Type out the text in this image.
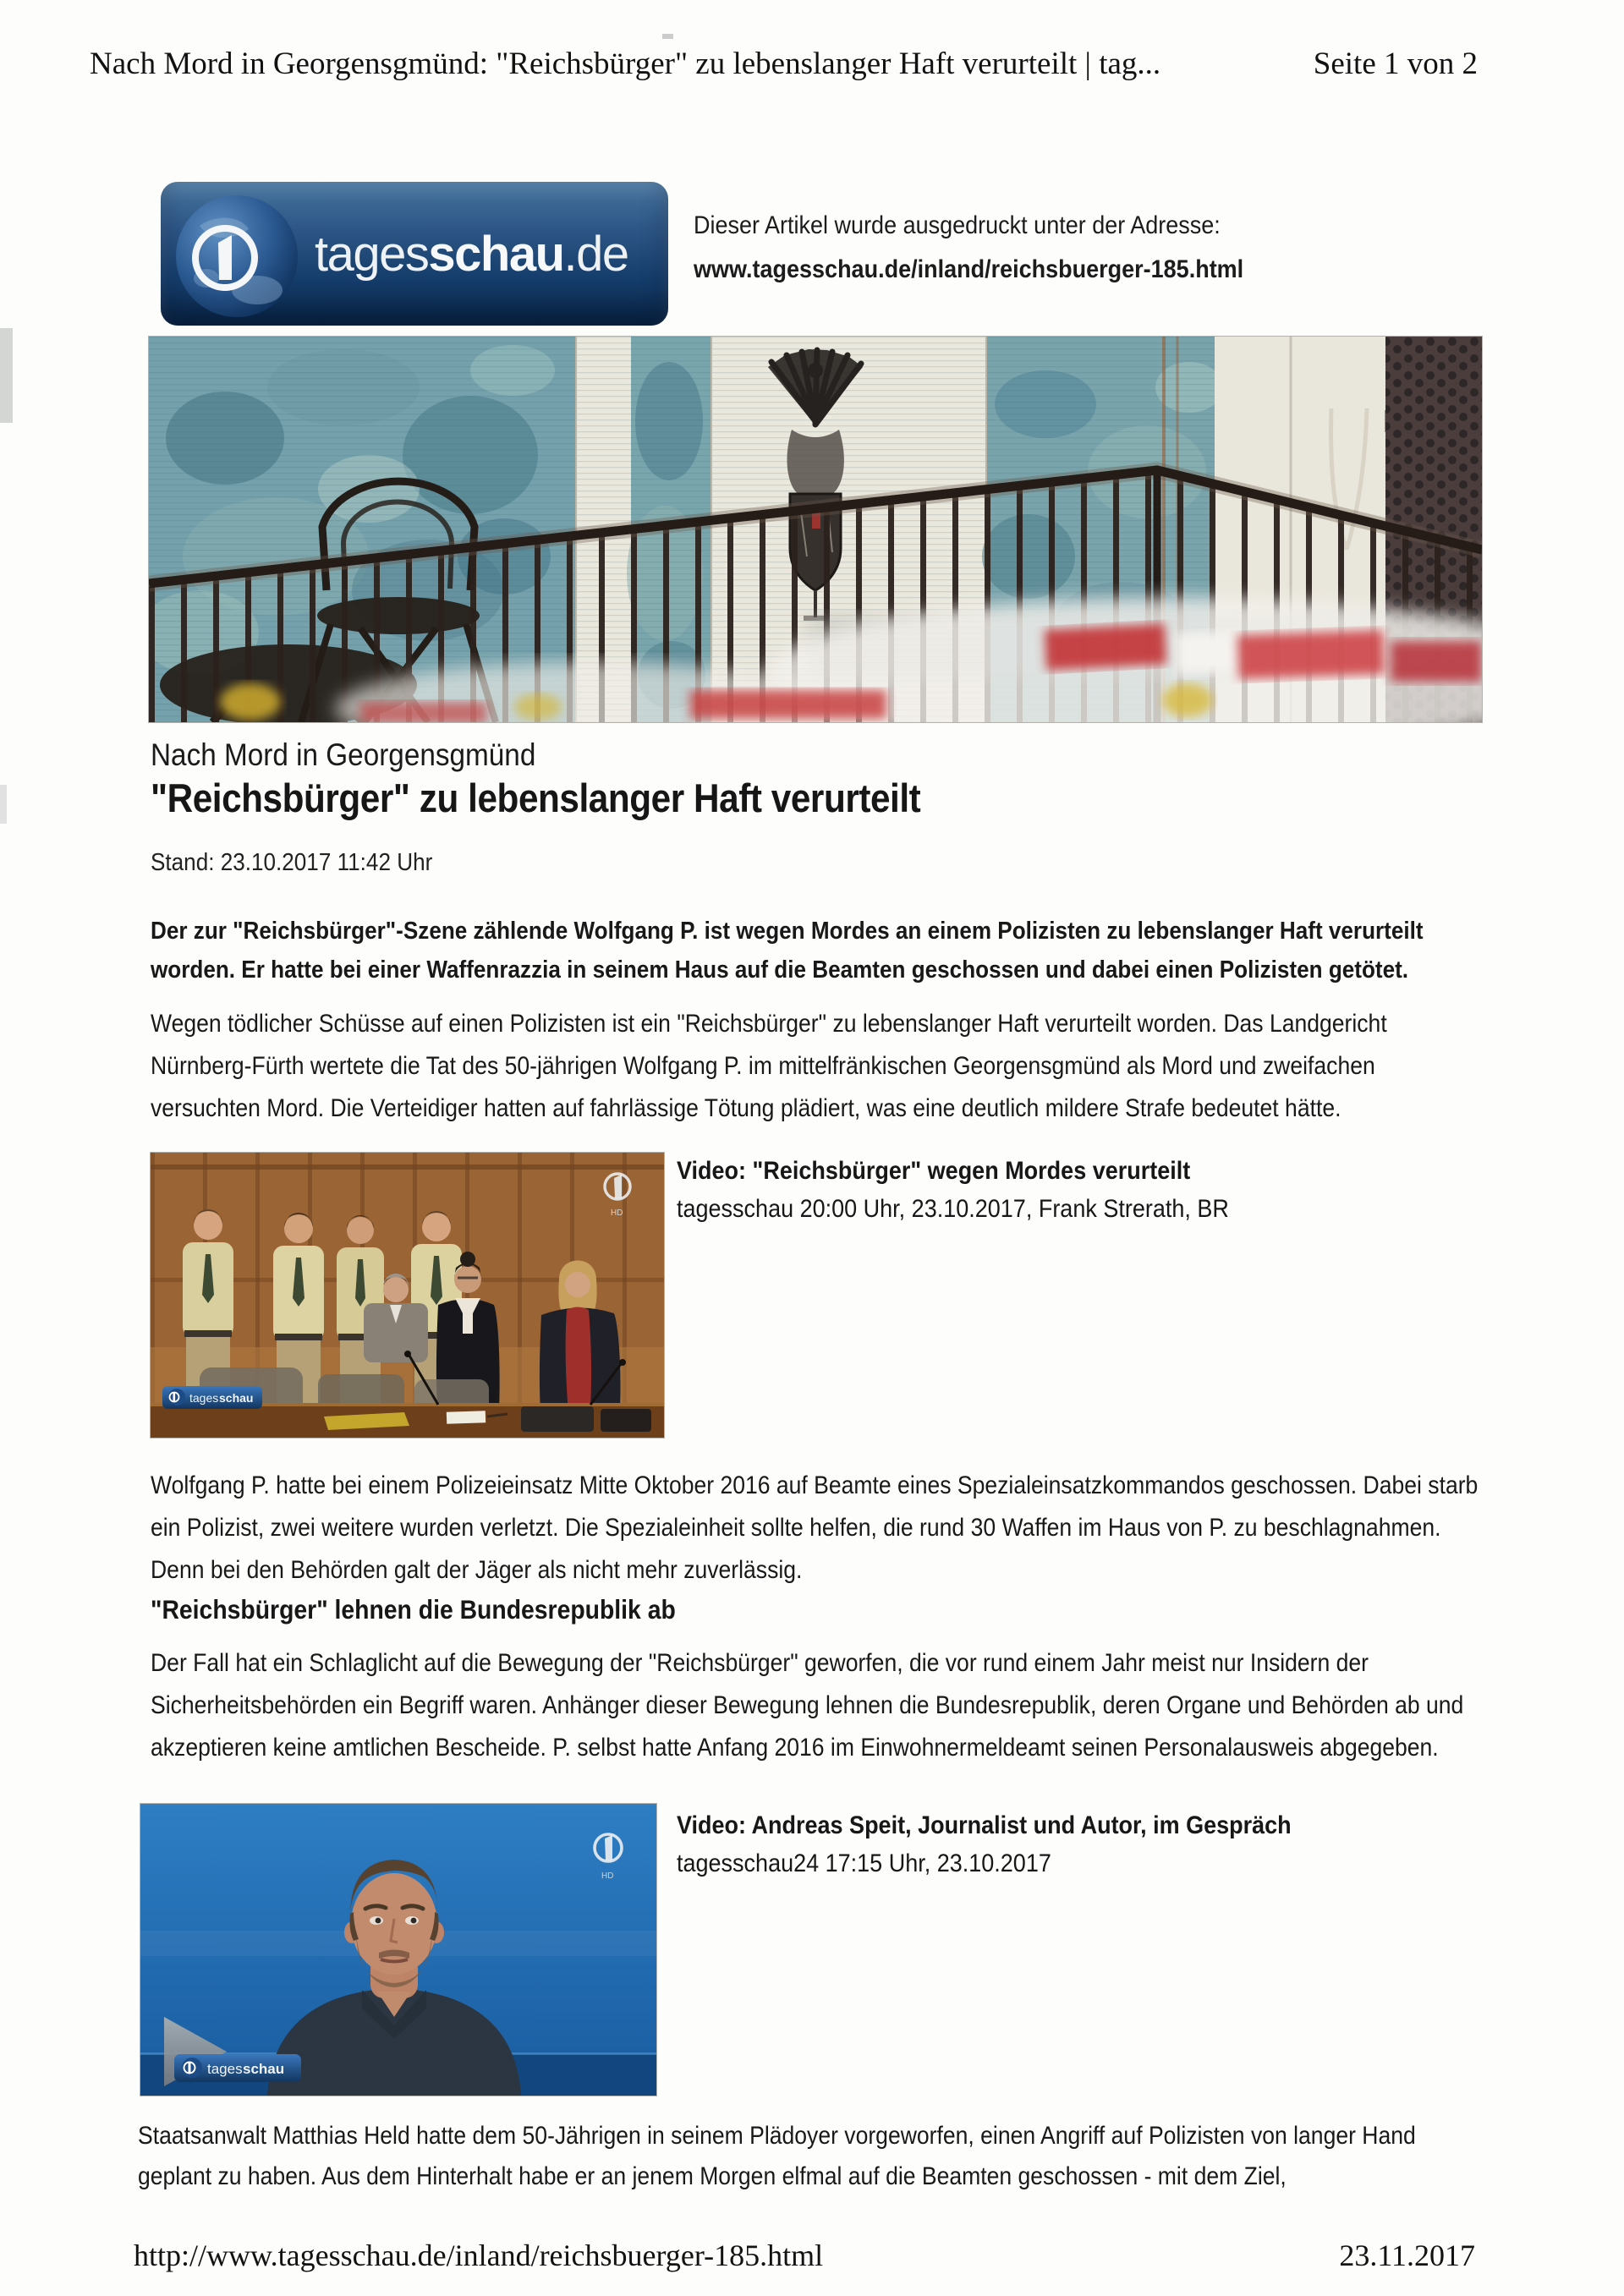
Nach Mord in Georgensgmünd: "Reichsbürger" zu lebenslanger Haft verurteilt | tag...	Seite 1 von 2
tages schau .de
Dieser Artikel wurde ausgedruckt unter der Adresse:
www.tagesschau.de/inland/reichsbuerger-185.html
Nach Mord in Georgensgmünd
"Reichsbürger" zu lebenslanger Haft verurteilt
Stand: 23.10.2017 11:42 Uhr
Der zur "Reichsbürger"-Szene zählende Wolfgang P. ist wegen Mordes an einem Polizisten zu lebenslanger Haft verurteilt worden. Er hatte bei einer Waffenrazzia in seinem Haus auf die Beamten geschossen und dabei einen Polizisten getötet.
Wegen tödlicher Schüsse auf einen Polizisten ist ein "Reichsbürger" zu lebenslanger Haft verurteilt worden. Das Landgericht Nürnberg-Fürth wertete die Tat des 50-jährigen Wolfgang P. im mittelfränkischen Georgensgmünd als Mord und zweifachen versuchten Mord. Die Verteidiger hatten auf fahrlässige Tötung plädiert, was eine deutlich mildere Strafe bedeutet hätte.
tages schau
HD
Video: "Reichsbürger" wegen Mordes verurteilt
tagesschau 20:00 Uhr, 23.10.2017, Frank Strerath, BR
Wolfgang P. hatte bei einem Polizeieinsatz Mitte Oktober 2016 auf Beamte eines Spezialeinsatzkommandos geschossen. Dabei starb ein Polizist, zwei weitere wurden verletzt. Die Spezialeinheit sollte helfen, die rund 30 Waffen im Haus von P. zu beschlagnahmen. Denn bei den Behörden galt der Jäger als nicht mehr zuverlässig.
"Reichsbürger" lehnen die Bundesrepublik ab
Der Fall hat ein Schlaglicht auf die Bewegung der "Reichsbürger" geworfen, die vor rund einem Jahr meist nur Insidern der Sicherheitsbehörden ein Begriff waren. Anhänger dieser Bewegung lehnen die Bundesrepublik, deren Organe und Behörden ab und akzeptieren keine amtlichen Bescheide. P. selbst hatte Anfang 2016 im Einwohnermeldeamt seinen Personalausweis abgegeben.
tages schau
HD
Video: Andreas Speit, Journalist und Autor, im Gespräch
tagesschau24 17:15 Uhr, 23.10.2017
Staatsanwalt Matthias Held hatte dem 50-Jährigen in seinem Plädoyer vorgeworfen, einen Angriff auf Polizisten von langer Hand geplant zu haben. Aus dem Hinterhalt habe er an jenem Morgen elfmal auf die Beamten geschossen - mit dem Ziel,
http://www.tagesschau.de/inland/reichsbuerger-185.html	23.11.2017
